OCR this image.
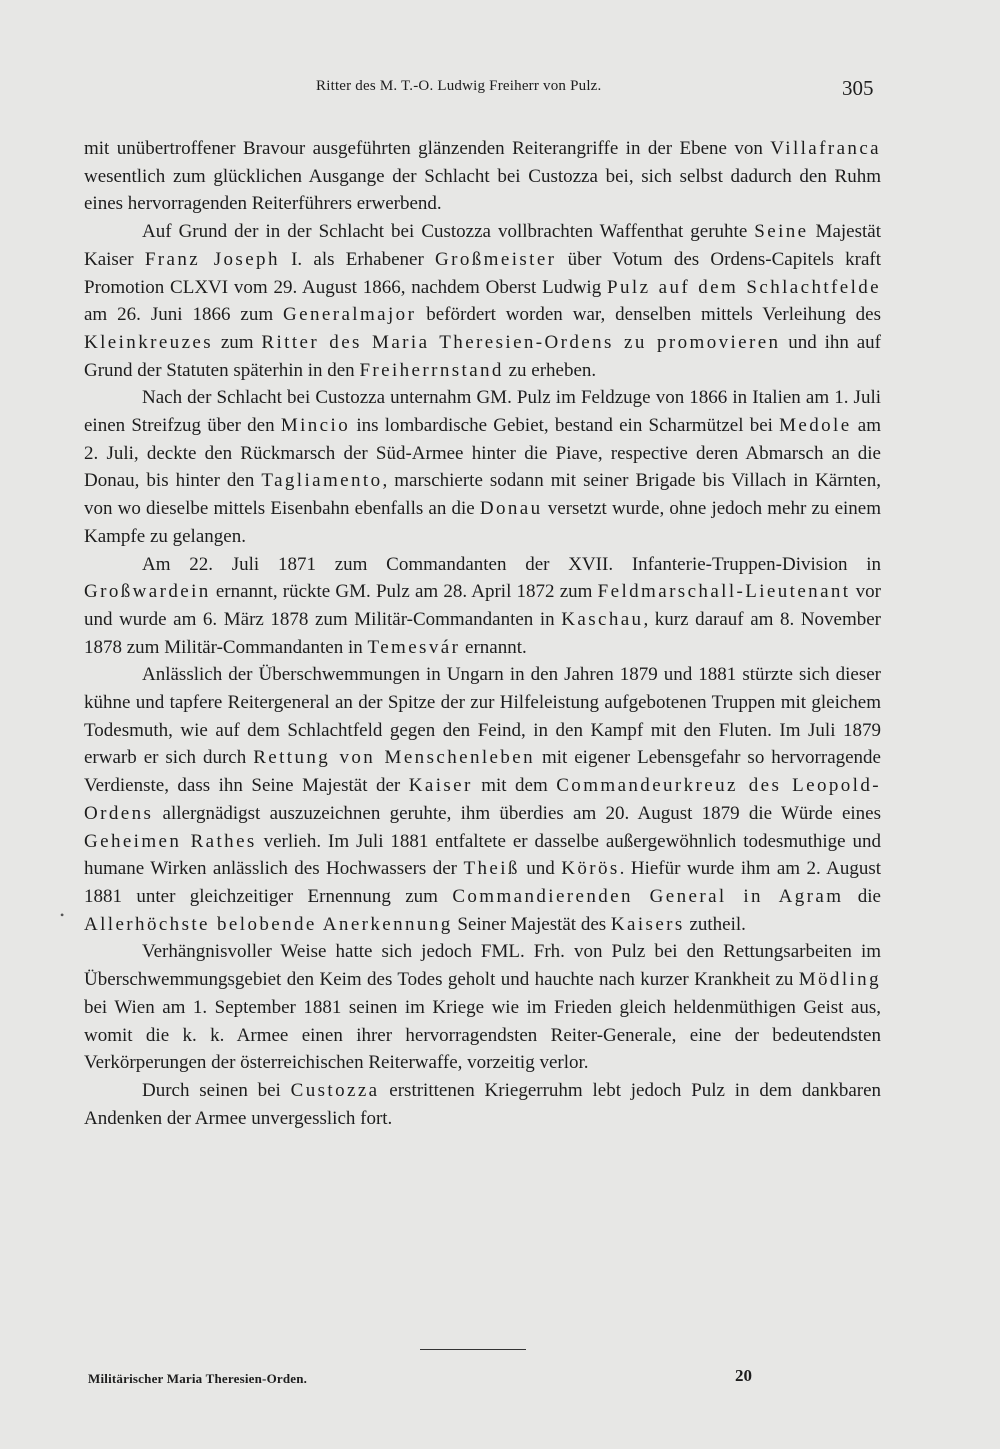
Ritter des M. T.-O. Ludwig Freiherr von Pulz.	305

mit unübertroffener Bravour ausgeführten glänzenden Reiterangriffe in der Ebene von Villafranca wesentlich zum glücklichen Ausgange der Schlacht bei Custozza bei, sich selbst dadurch den Ruhm eines hervorragenden Reiterführers erwerbend.

Auf Grund der in der Schlacht bei Custozza vollbrachten Waffenthat geruhte Seine Majestät Kaiser Franz Joseph I. als Erhabener Großmeister über Votum des Ordens-Capitels kraft Promotion CLXVI vom 29. August 1866, nachdem Oberst Ludwig Pulz auf dem Schlachtfelde am 26. Juni 1866 zum Generalmajor befördert worden war, denselben mittels Verleihung des Kleinkreuzes zum Ritter des Maria Theresien-Ordens zu promovieren und ihn auf Grund der Statuten späterhin in den Freiherrnstand zu erheben.

Nach der Schlacht bei Custozza unternahm GM. Pulz im Feldzuge von 1866 in Italien am 1. Juli einen Streifzug über den Mincio ins lombardische Gebiet, bestand ein Scharmützel bei Medole am 2. Juli, deckte den Rückmarsch der Süd-Armee hinter die Piave, respective deren Abmarsch an die Donau, bis hinter den Tagliamento, marschierte sodann mit seiner Brigade bis Villach in Kärnten, von wo dieselbe mittels Eisenbahn ebenfalls an die Donau versetzt wurde, ohne jedoch mehr zu einem Kampfe zu gelangen.

Am 22. Juli 1871 zum Commandanten der XVII. Infanterie-Truppen-Division in Großwardein ernannt, rückte GM. Pulz am 28. April 1872 zum Feldmarschall-Lieutenant vor und wurde am 6. März 1878 zum Militär-Commandanten in Kaschau, kurz darauf am 8. November 1878 zum Militär-Commandanten in Temesvár ernannt.

Anlässlich der Überschwemmungen in Ungarn in den Jahren 1879 und 1881 stürzte sich dieser kühne und tapfere Reitergeneral an der Spitze der zur Hilfeleistung aufgebotenen Truppen mit gleichem Todesmuth, wie auf dem Schlachtfeld gegen den Feind, in den Kampf mit den Fluten. Im Juli 1879 erwarb er sich durch Rettung von Menschenleben mit eigener Lebensgefahr so hervorragende Verdienste, dass ihn Seine Majestät der Kaiser mit dem Commandeurkreuz des Leopold-Ordens allergnädigst auszuzeichnen geruhte, ihm überdies am 20. August 1879 die Würde eines Geheimen Rathes verlieh. Im Juli 1881 entfaltete er dasselbe außergewöhnlich todesmuthige und humane Wirken anlässlich des Hochwassers der Theiß und Körös. Hiefür wurde ihm am 2. August 1881 unter gleichzeitiger Ernennung zum Commandierenden General in Agram die Allerhöchste belobende Anerkennung Seiner Majestät des Kaisers zutheil.

Verhängnisvoller Weise hatte sich jedoch FML. Frh. von Pulz bei den Rettungsarbeiten im Überschwemmungsgebiet den Keim des Todes geholt und hauchte nach kurzer Krankheit zu Mödling bei Wien am 1. September 1881 seinen im Kriege wie im Frieden gleich heldenmüthigen Geist aus, womit die k. k. Armee einen ihrer hervorragendsten Reiter-Generale, eine der bedeutendsten Verkörperungen der österreichischen Reiterwaffe, vorzeitig verlor.

Durch seinen bei Custozza erstrittenen Kriegerruhm lebt jedoch Pulz in dem dankbaren Andenken der Armee unvergesslich fort.

•
Militärischer Maria Theresien-Orden.	20
